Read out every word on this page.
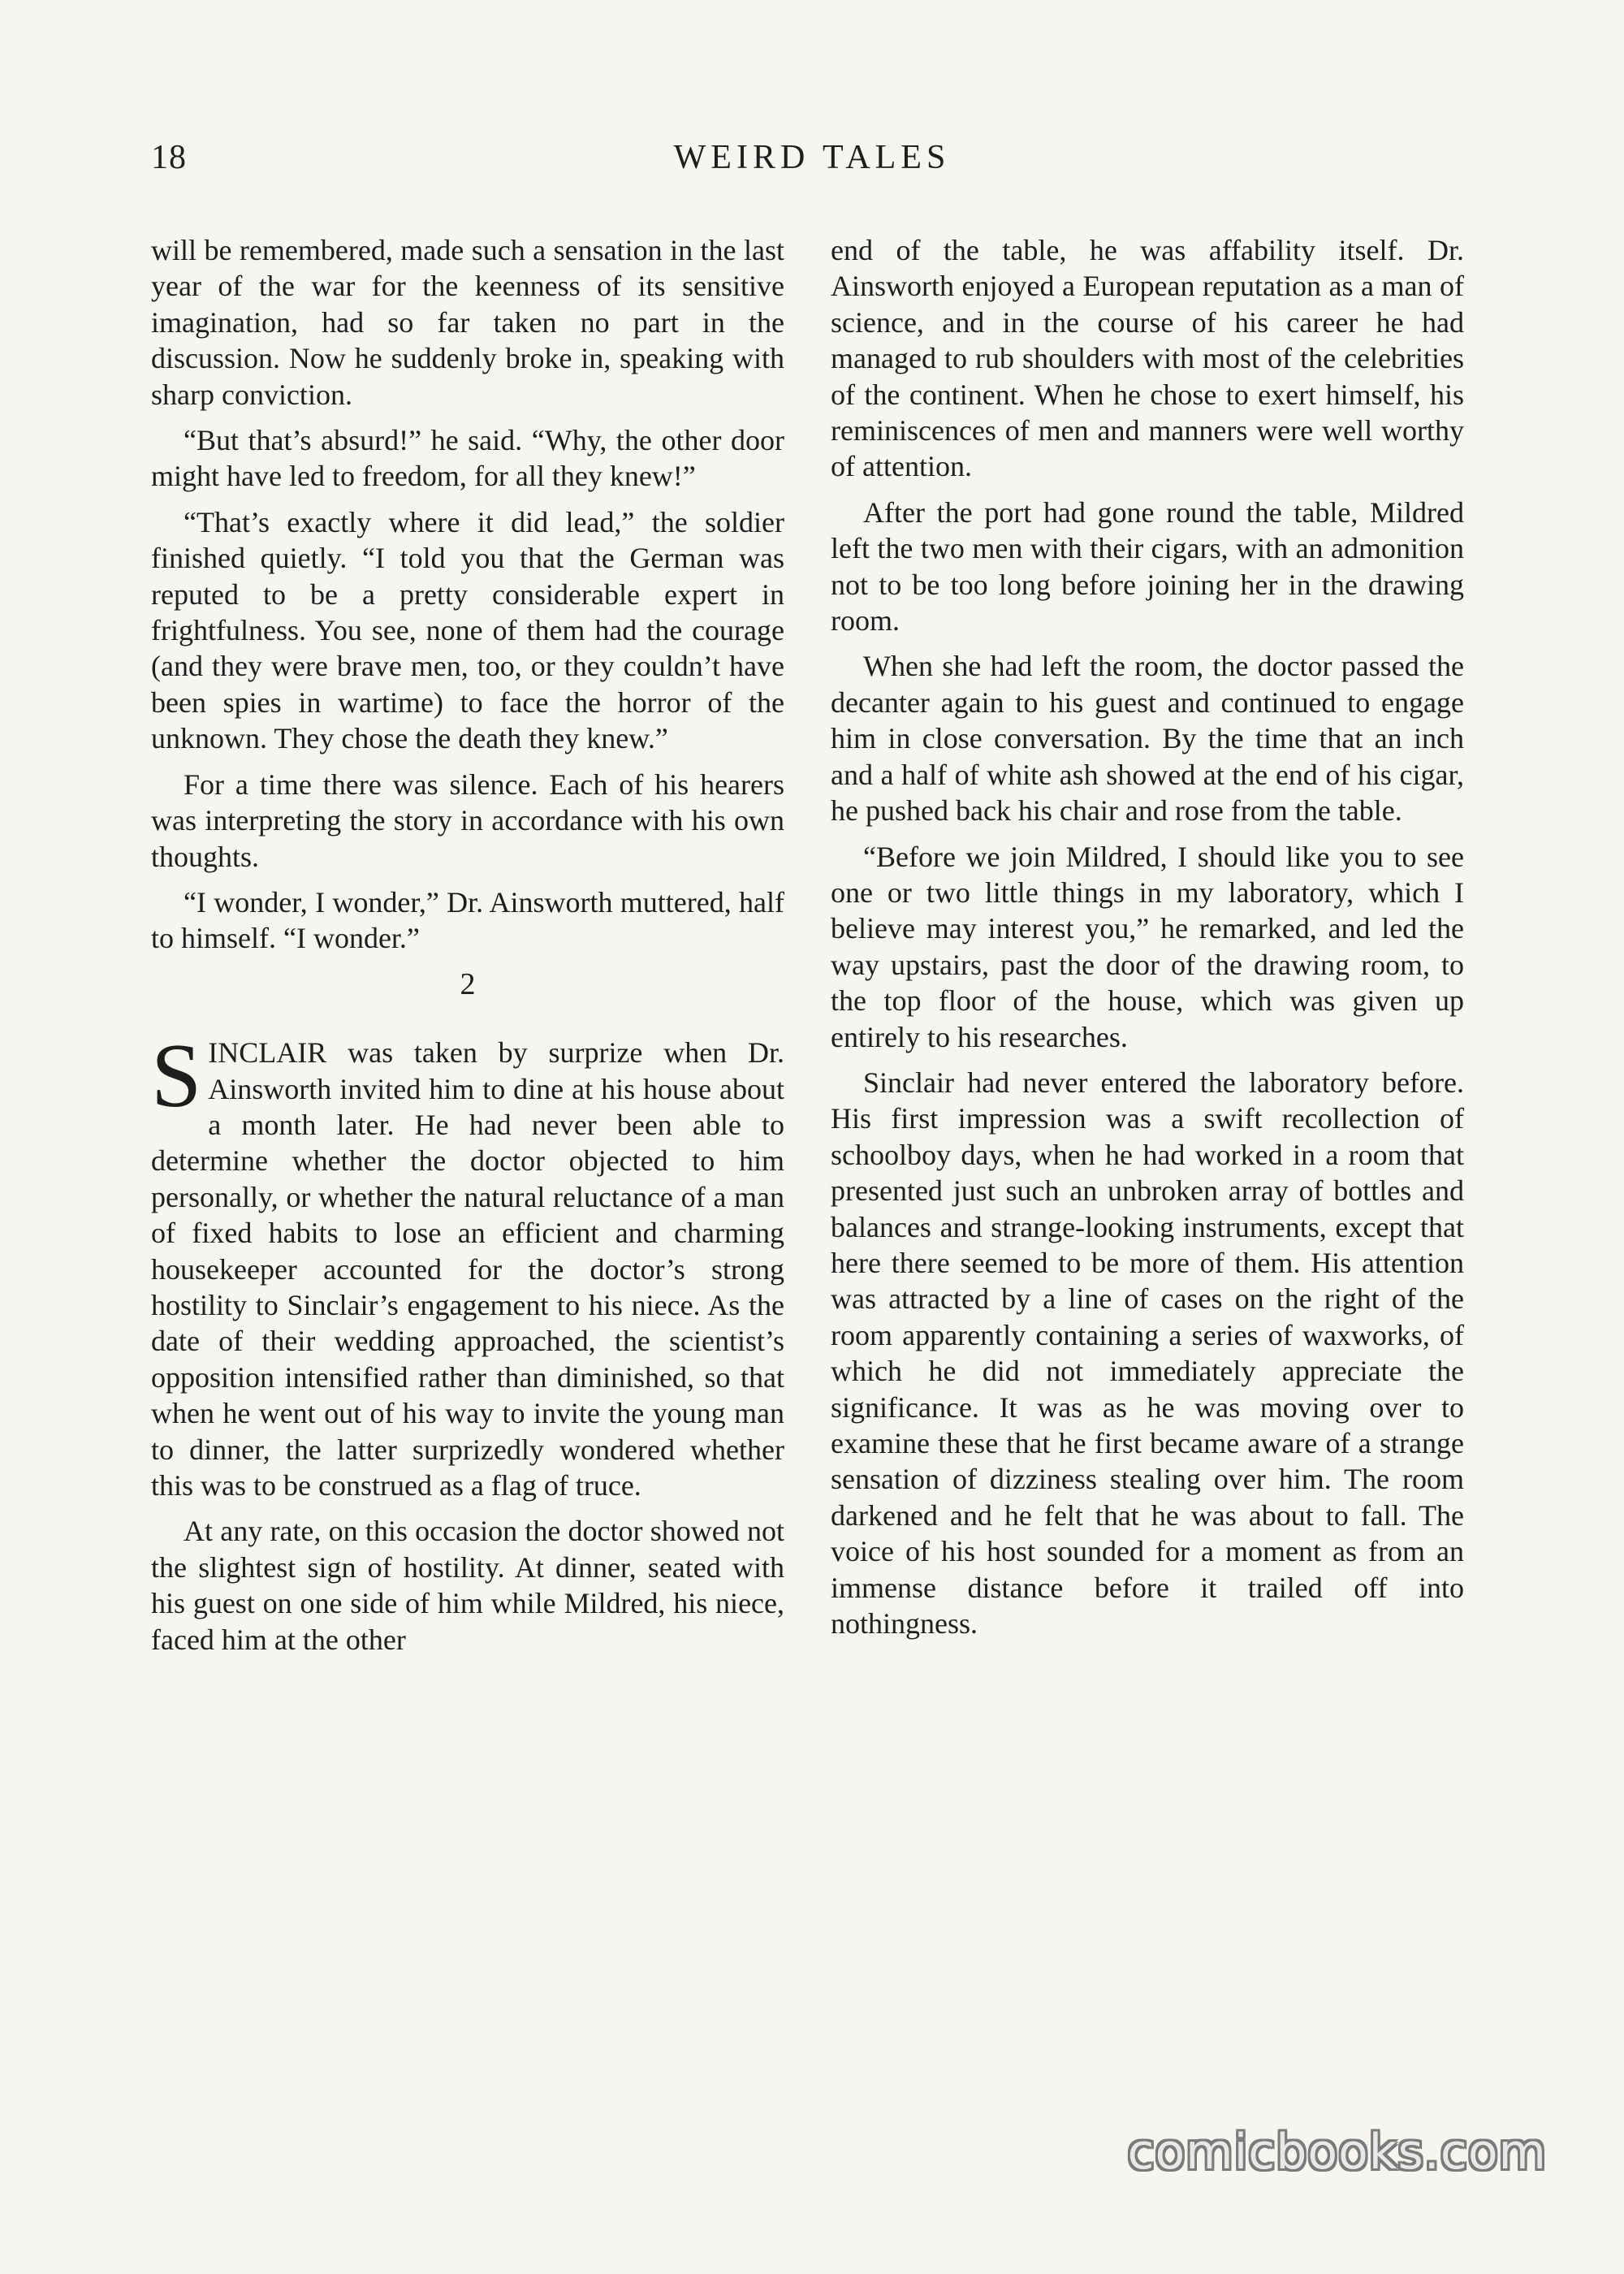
18	WEIRD TALES

will be remembered, made such a sensation in the last year of the war for the keenness of its sensitive imagination, had so far taken no part in the discussion. Now he suddenly broke in, speaking with sharp conviction.

“But that’s absurd!” he said. “Why, the other door might have led to freedom, for all they knew!”

“That’s exactly where it did lead,” the soldier finished quietly. “I told you that the German was reputed to be a pretty considerable expert in frightfulness. You see, none of them had the courage (and they were brave men, too, or they couldn’t have been spies in wartime) to face the horror of the unknown. They chose the death they knew.”

For a time there was silence. Each of his hearers was interpreting the story in accordance with his own thoughts.

“I wonder, I wonder,” Dr. Ainsworth muttered, half to himself. “I wonder.”

2

SINCLAIR was taken by surprize when Dr. Ainsworth invited him to dine at his house about a month later. He had never been able to determine whether the doctor objected to him personally, or whether the natural reluctance of a man of fixed habits to lose an efficient and charming housekeeper accounted for the doctor’s strong hostility to Sinclair’s engagement to his niece. As the date of their wedding approached, the scientist’s opposition intensified rather than diminished, so that when he went out of his way to invite the young man to dinner, the latter surprizedly wondered whether this was to be construed as a flag of truce.

At any rate, on this occasion the doctor showed not the slightest sign of hostility. At dinner, seated with his guest on one side of him while Mildred, his niece, faced him at the other

end of the table, he was affability itself. Dr. Ainsworth enjoyed a European reputation as a man of science, and in the course of his career he had managed to rub shoulders with most of the celebrities of the continent. When he chose to exert himself, his reminiscences of men and manners were well worthy of attention.

After the port had gone round the table, Mildred left the two men with their cigars, with an admonition not to be too long before joining her in the drawing room.

When she had left the room, the doctor passed the decanter again to his guest and continued to engage him in close conversation. By the time that an inch and a half of white ash showed at the end of his cigar, he pushed back his chair and rose from the table.

“Before we join Mildred, I should like you to see one or two little things in my laboratory, which I believe may interest you,” he remarked, and led the way upstairs, past the door of the drawing room, to the top floor of the house, which was given up entirely to his researches.

Sinclair had never entered the laboratory before. His first impression was a swift recollection of schoolboy days, when he had worked in a room that presented just such an unbroken array of bottles and balances and strange-looking instruments, except that here there seemed to be more of them. His attention was attracted by a line of cases on the right of the room apparently containing a series of waxworks, of which he did not immediately appreciate the significance. It was as he was moving over to examine these that he first became aware of a strange sensation of dizziness stealing over him. The room darkened and he felt that he was about to fall. The voice of his host sounded for a moment as from an immense distance before it trailed off into nothingness.

comicbooks.com
